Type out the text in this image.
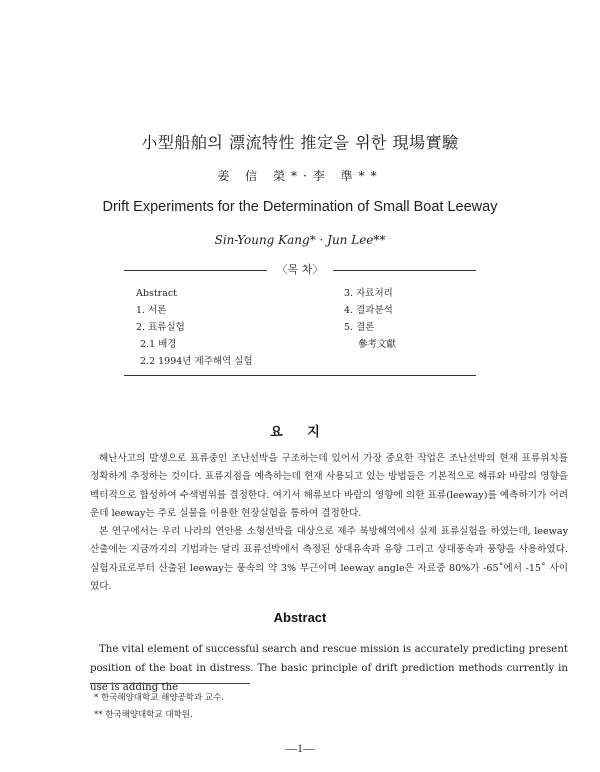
小型船舶의 漂流特性 推定을 위한 現場實驗
姜 信 榮*·李 準**
Drift Experiments for the Determination of Small Boat Leeway
Sin-Young Kang* · Jun Lee**
〈목 차〉
Abstract
1. 서론
2. 표류실험
2.1 배경
2.2 1994년 제주해역 실험
3. 자료처리
4. 결과분석
5. 결론
參考文獻
요 지

해난사고의 발생으로 표류중인 조난선박을 구조하는데 있어서 가장 중요한 작업은 조난선박의 현재 표류위치를 정확하게 추정하는 것이다. 표류지점을 예측하는데 현재 사용되고 있는 방법들은 기본적으로 해류와 바람의 영향을 벡터적으로 합성하여 수색범위를 결정한다. 여기서 해류보다 바람의 영향에 의한 표류(leeway)를 예측하기가 어려운데 leeway는 주로 실물을 이용한 현장실험을 통하여 결정한다.

본 연구에서는 우리 나라의 연안용 소형선박을 대상으로 제주 북방해역에서 실제 표류실험을 하였는데, leeway 산출에는 지금까지의 기법과는 달리 표류선박에서 측정된 상대유속과 유향 그리고 상대풍속과 풍향을 사용하였다. 실험자료로부터 산출된 leeway는 풍속의 약 3% 부근이며 leeway angle은 자료중 80%가 -65˚에서 -15˚ 사이였다.

Abstract

The vital element of successful search and rescue mission is accurately predicting present position of the boat in distress. The basic principle of drift prediction methods currently in use is adding the

* 한국해양대학교 해양공학과 교수.
** 한국해양대학교 대학원.
—1—
